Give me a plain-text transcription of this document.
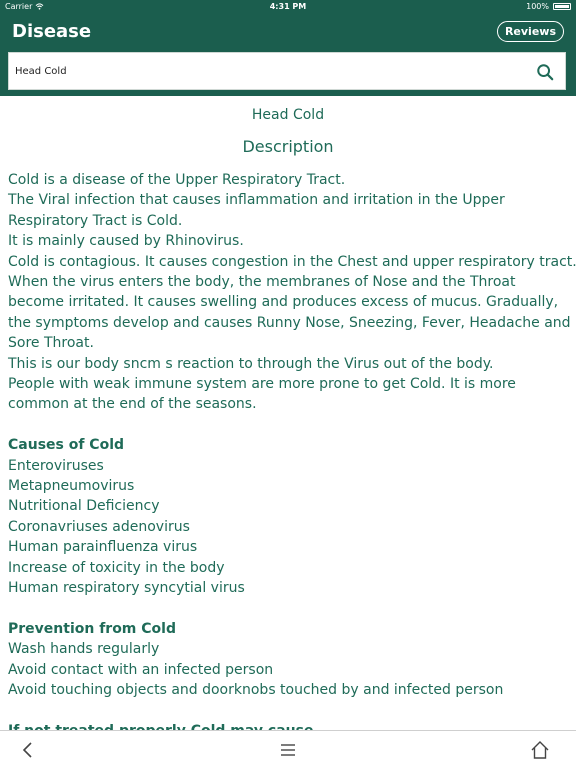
Carrier	4:31 PM	100%
Disease	Reviews
Head Cold
Head Cold
Description
Cold is a disease of the Upper Respiratory Tract.
The Viral infection that causes inflammation and irritation in the Upper
Respiratory Tract is Cold.
It is mainly caused by Rhinovirus.
Cold is contagious. It causes congestion in the Chest and upper respiratory tract.
When the virus enters the body, the membranes of Nose and the Throat
become irritated. It causes swelling and produces excess of mucus. Gradually,
the symptoms develop and causes Runny Nose, Sneezing, Fever, Headache and
Sore Throat.
This is our body sncm s reaction to through the Virus out of the body.
People with weak immune system are more prone to get Cold. It is more
common at the end of the seasons.
Causes of Cold
Enteroviruses
Metapneumovirus
Nutritional Deficiency
Coronavriuses adenovirus
Human parainfluenza virus
Increase of toxicity in the body
Human respiratory syncytial virus
Prevention from Cold
Wash hands regularly
Avoid contact with an infected person
Avoid touching objects and doorknobs touched by and infected person
